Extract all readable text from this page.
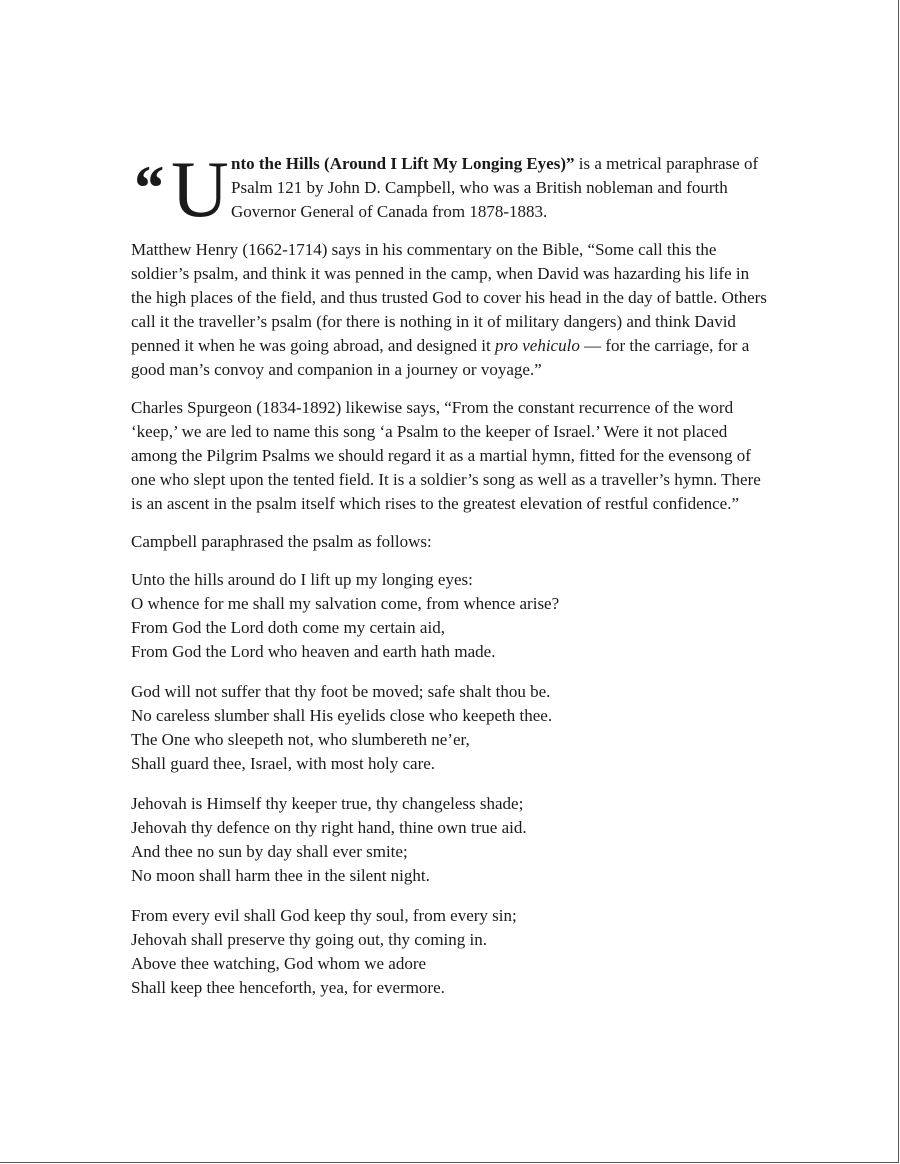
“ U nto the Hills (Around I Lift My Longing Eyes)” is a metrical paraphrase of Psalm 121 by John D. Campbell, who was a British nobleman and fourth Governor General of Canada from 1878-1883.

Matthew Henry (1662-1714) says in his commentary on the Bible, “Some call this the soldier’s psalm, and think it was penned in the camp, when David was hazarding his life in the high places of the field, and thus trusted God to cover his head in the day of battle. Others call it the traveller’s psalm (for there is nothing in it of military dangers) and think David penned it when he was going abroad, and designed it pro vehiculo — for the carriage, for a good man’s convoy and companion in a journey or voyage.”

Charles Spurgeon (1834-1892) likewise says, “From the constant recurrence of the word ‘keep,’ we are led to name this song ‘a Psalm to the keeper of Israel.’ Were it not placed among the Pilgrim Psalms we should regard it as a martial hymn, fitted for the evensong of one who slept upon the tented field. It is a soldier’s song as well as a traveller’s hymn. There is an ascent in the psalm itself which rises to the greatest elevation of restful confidence.”

Campbell paraphrased the psalm as follows:

Unto the hills around do I lift up my longing eyes:
O whence for me shall my salvation come, from whence arise?
From God the Lord doth come my certain aid,
From God the Lord who heaven and earth hath made.
God will not suffer that thy foot be moved; safe shalt thou be.
No careless slumber shall His eyelids close who keepeth thee.
The One who sleepeth not, who slumbereth ne’er,
Shall guard thee, Israel, with most holy care.
Jehovah is Himself thy keeper true, thy changeless shade;
Jehovah thy defence on thy right hand, thine own true aid.
And thee no sun by day shall ever smite;
No moon shall harm thee in the silent night.
From every evil shall God keep thy soul, from every sin;
Jehovah shall preserve thy going out, thy coming in.
Above thee watching, God whom we adore
Shall keep thee henceforth, yea, for evermore.
